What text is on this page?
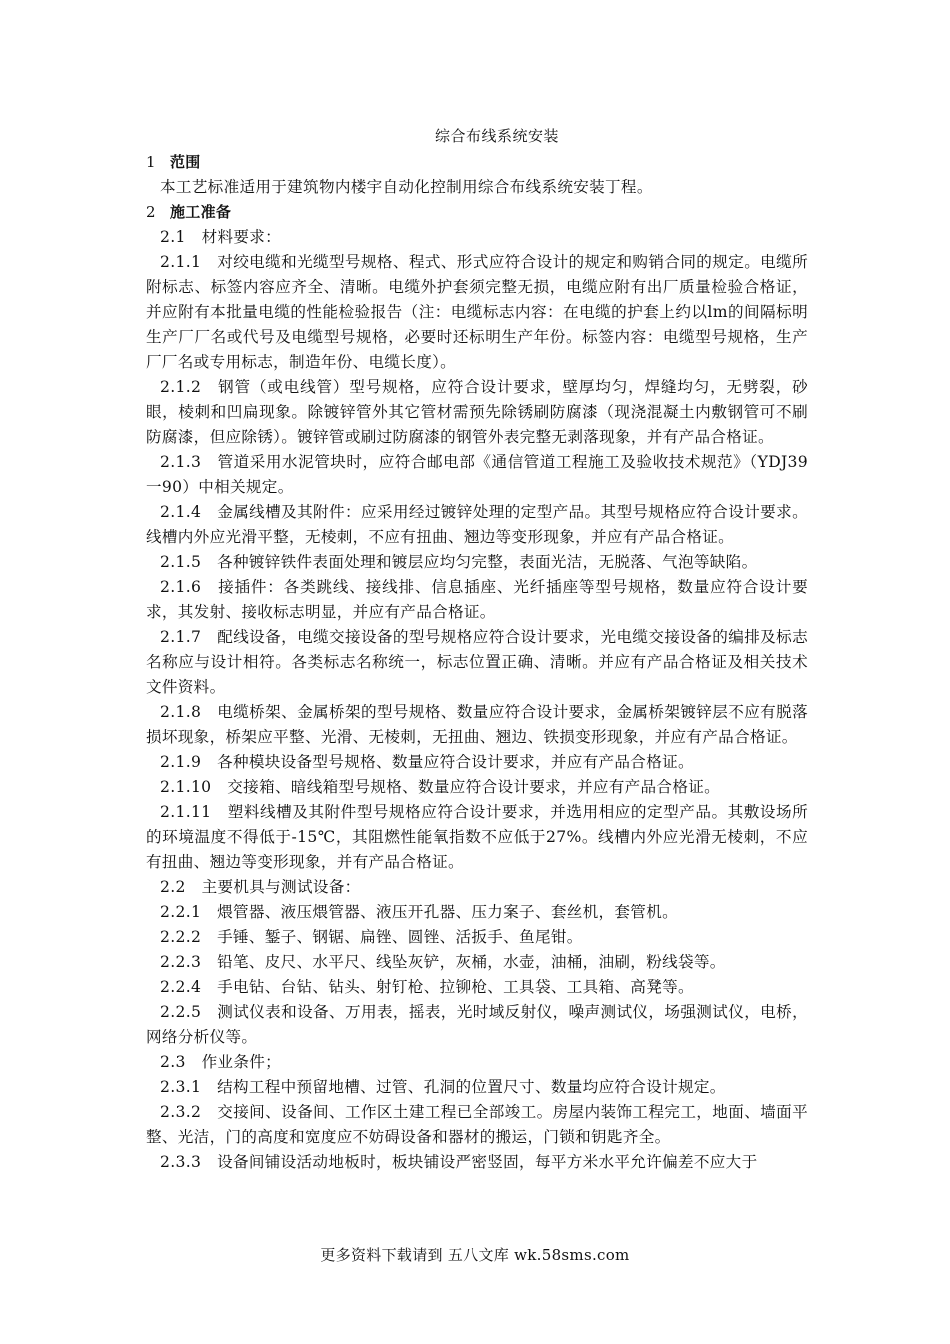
综合布线系统安装
1 范围
本工艺标准适用于建筑物内楼宇自动化控制用综合布线系统安装丁程。
2 施工准备
2.1　材料要求：
2.1.1　对绞电缆和光缆型号规格、程式、形式应符合设计的规定和购销合同的规定。电缆所附标志、标签内容应齐全、清晰。电缆外护套须完整无损，电缆应附有出厂质量检验合格证，并应附有本批量电缆的性能检验报告（注：电缆标志内容：在电缆的护套上约以lm的间隔标明生产厂厂名或代号及电缆型号规格，必要时还标明生产年份。标签内容：电缆型号规格，生产厂厂名或专用标志，制造年份、电缆长度）。
2.1.2　钢管（或电线管）型号规格，应符合设计要求，壁厚均匀，焊缝均匀，无劈裂，砂眼，棱刺和凹扁现象。除镀锌管外其它管材需预先除锈刷防腐漆（现浇混凝土内敷钢管可不刷防腐漆，但应除锈）。镀锌管或刷过防腐漆的钢管外表完整无剥落现象，并有产品合格证。
2.1.3　管道采用水泥管块时，应符合邮电部《通信管道工程施工及验收技术规范》（YDJ39一90）中相关规定。
2.1.4　金属线槽及其附件：应采用经过镀锌处理的定型产品。其型号规格应符合设计要求。线槽内外应光滑平整，无棱刺，不应有扭曲、翘边等变形现象，并应有产品合格证。
2.1.5　各种镀锌铁件表面处理和镀层应均匀完整，表面光洁，无脱落、气泡等缺陷。
2.1.6　接插件：各类跳线、接线排、信息插座、光纤插座等型号规格，数量应符合设计要求，其发射、接收标志明显，并应有产品合格证。
2.1.7　配线设备，电缆交接设备的型号规格应符合设计要求，光电缆交接设备的编排及标志名称应与设计相符。各类标志名称统一，标志位置正确、清晰。并应有产品合格证及相关技术文件资料。
2.1.8　电缆桥架、金属桥架的型号规格、数量应符合设计要求，金属桥架镀锌层不应有脱落损坏现象，桥架应平整、光滑、无棱刺，无扭曲、翘边、铁损变形现象，并应有产品合格证。
2.1.9　各种模块设备型号规格、数量应符合设计要求，并应有产品合格证。
2.1.10　交接箱、暗线箱型号规格、数量应符合设计要求，并应有产品合格证。
2.1.11　塑料线槽及其附件型号规格应符合设计要求，并选用相应的定型产品。其敷设场所的环境温度不得低于-15℃，其阻燃性能氧指数不应低于27%。线槽内外应光滑无棱刺，不应有扭曲、翘边等变形现象，并有产品合格证。
2.2　主要机具与测试设备：
2.2.1　煨管器、液压煨管器、液压开孔器、压力案子、套丝机，套管机。
2.2.2　手锤、錾子、钢锯、扁锉、圆锉、活扳手、鱼尾钳。
2.2.3　铅笔、皮尺、水平尺、线坠灰铲，灰桶，水壶，油桶，油刷，粉线袋等。
2.2.4　手电钻、台钻、钻头、射钉枪、拉铆枪、工具袋、工具箱、高凳等。
2.2.5　测试仪表和设备、万用表，摇表，光时域反射仪，噪声测试仪，场强测试仪，电桥，网络分析仪等。
2.3　作业条件；
2.3.1　结构工程中预留地槽、过管、孔洞的位置尺寸、数量均应符合设计规定。
2.3.2　交接间、设备间、工作区土建工程已全部竣工。房屋内装饰工程完工，地面、墙面平整、光洁，门的高度和宽度应不妨碍设备和器材的搬运，门锁和钥匙齐全。
2.3.3　设备间铺设活动地板时，板块铺设严密竖固，每平方米水平允许偏差不应大于
更多资料下载请到 五八文库 wk.58sms.com
